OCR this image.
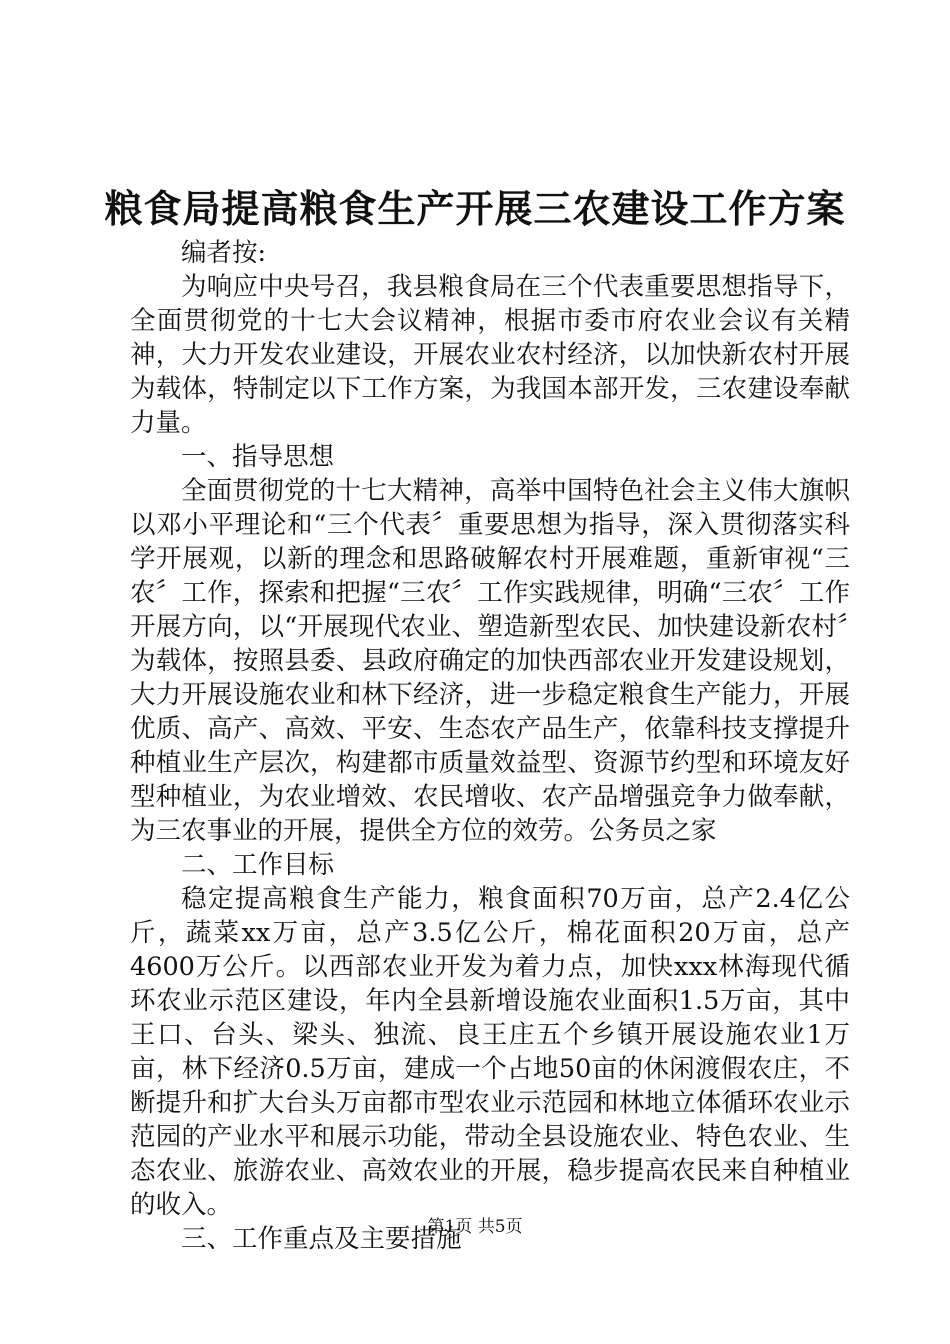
粮食局提高粮食生产开展三农建设工作方案

编者按:

为响应中央号召，我县粮食局在三个代表重要思想指导下，全面贯彻党的十七大会议精神，根据市委市府农业会议有关精神，大力开发农业建设，开展农业农村经济，以加快新农村开展为载体，特制定以下工作方案，为我国本部开发，三农建设奉献力量。

一、指导思想

全面贯彻党的十七大精神，高举中国特色社会主义伟大旗帜以邓小平理论和“三个代表〞重要思想为指导，深入贯彻落实科学开展观，以新的理念和思路破解农村开展难题，重新审视“三农〞工作，探索和把握“三农〞工作实践规律，明确“三农〞工作开展方向，以“开展现代农业、塑造新型农民、加快建设新农村〞为载体，按照县委、县政府确定的加快西部农业开发建设规划，大力开展设施农业和林下经济，进一步稳定粮食生产能力，开展优质、高产、高效、平安、生态农产品生产，依靠科技支撑提升种植业生产层次，构建都市质量效益型、资源节约型和环境友好型种植业，为农业增效、农民增收、农产品增强竞争力做奉献，为三农事业的开展，提供全方位的效劳。公务员之家

二、工作目标

稳定提高粮食生产能力，粮食面积70万亩，总产2.4亿公斤，蔬菜xx万亩，总产3.5亿公斤，棉花面积20万亩，总产4600万公斤。以西部农业开发为着力点，加快xxx林海现代循环农业示范区建设，年内全县新增设施农业面积1.5万亩，其中王口、台头、梁头、独流、良王庄五个乡镇开展设施农业1万亩，林下经济0.5万亩，建成一个占地50亩的休闲渡假农庄，不断提升和扩大台头万亩都市型农业示范园和林地立体循环农业示范园的产业水平和展示功能，带动全县设施农业、特色农业、生态农业、旅游农业、高效农业的开展，稳步提高农民来自种植业的收入。

三、工作重点及主要措施

第1页 共5页
